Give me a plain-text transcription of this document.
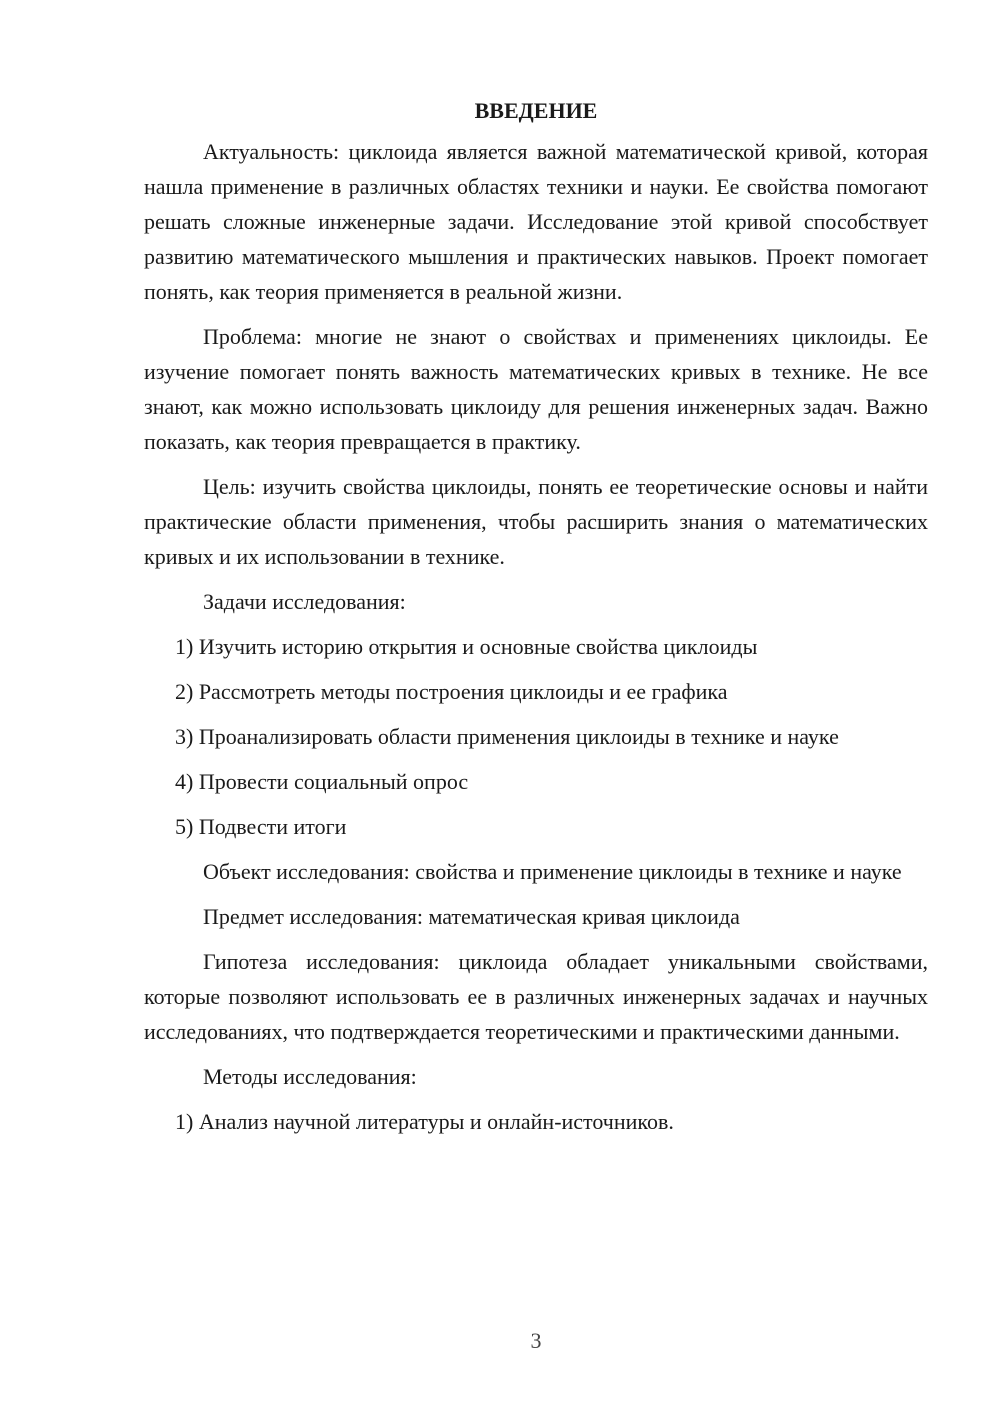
ВВЕДЕНИЕ

Актуальность: циклоида является важной математической кривой, которая нашла применение в различных областях техники и науки. Ее свойства помогают решать сложные инженерные задачи. Исследование этой кривой способствует развитию математического мышления и практических навыков. Проект помогает понять, как теория применяется в реальной жизни.

Проблема: многие не знают о свойствах и применениях циклоиды. Ее изучение помогает понять важность математических кривых в технике. Не все знают, как можно использовать циклоиду для решения инженерных задач. Важно показать, как теория превращается в практику.

Цель: изучить свойства циклоиды, понять ее теоретические основы и найти практические области применения, чтобы расширить знания о математических кривых и их использовании в технике.

Задачи исследования:

1) Изучить историю открытия и основные свойства циклоиды
2) Рассмотреть методы построения циклоиды и ее графика
3) Проанализировать области применения циклоиды в технике и науке
4) Провести социальный опрос
5) Подвести итоги

Объект исследования: свойства и применение циклоиды в технике и науке

Предмет исследования: математическая кривая циклоида

Гипотеза исследования: циклоида обладает уникальными свойствами, которые позволяют использовать ее в различных инженерных задачах и научных исследованиях, что подтверждается теоретическими и практическими данными.

Методы исследования:

1) Анализ научной литературы и онлайн-источников.
3
